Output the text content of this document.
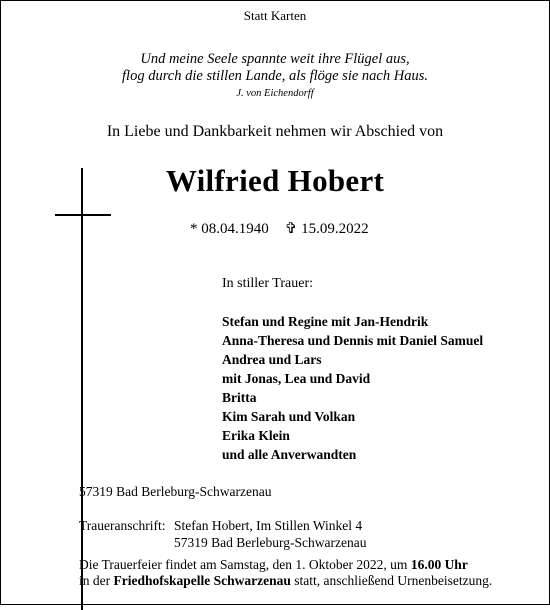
Statt Karten
Und meine Seele spannte weit ihre Flügel aus,
flog durch die stillen Lande, als flöge sie nach Haus.
J. von Eichendorff
In Liebe und Dankbarkeit nehmen wir Abschied von
Wilfried Hobert
* 08.04.1940 ✞ 15.09.2022
In stiller Trauer:
Stefan und Regine mit Jan-Hendrik
Anna-Theresa und Dennis mit Daniel Samuel
Andrea und Lars
mit Jonas, Lea und David
Britta
Kim Sarah und Volkan
Erika Klein
und alle Anverwandten
57319 Bad Berleburg-Schwarzenau
Traueranschrift: Stefan Hobert, Im Stillen Winkel 4
57319 Bad Berleburg-Schwarzenau
Die Trauerfeier findet am Samstag, den 1. Oktober 2022, um 16.00 Uhr
in der Friedhofskapelle Schwarzenau statt, anschließend Urnenbeisetzung.
